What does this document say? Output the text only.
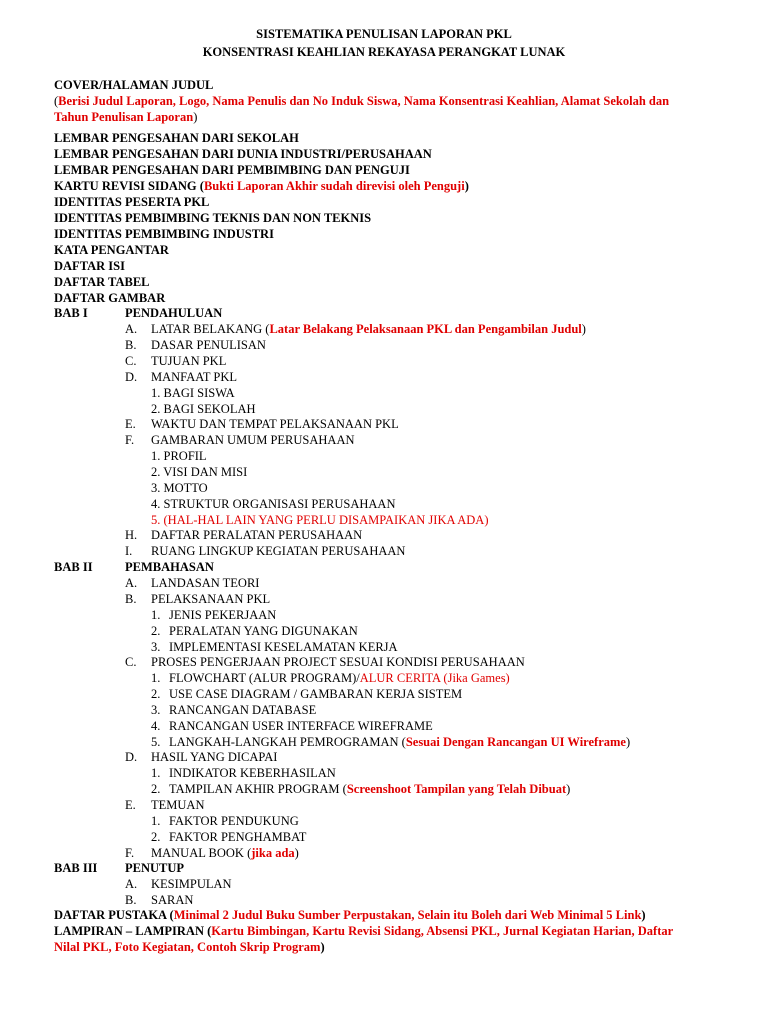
SISTEMATIKA PENULISAN LAPORAN PKL
KONSENTRASI KEAHLIAN REKAYASA PERANGKAT LUNAK
COVER/HALAMAN JUDUL
(Berisi Judul Laporan, Logo, Nama Penulis dan No Induk Siswa, Nama Konsentrasi Keahlian, Alamat Sekolah dan
Tahun Penulisan Laporan)
LEMBAR PENGESAHAN DARI SEKOLAH
LEMBAR PENGESAHAN DARI DUNIA INDUSTRI/PERUSAHAAN
LEMBAR PENGESAHAN DARI PEMBIMBING DAN PENGUJI
KARTU REVISI SIDANG (Bukti Laporan Akhir sudah direvisi oleh Penguji)
IDENTITAS PESERTA PKL
IDENTITAS PEMBIMBING TEKNIS DAN NON TEKNIS
IDENTITAS PEMBIMBING INDUSTRI
KATA PENGANTAR
DAFTAR ISI
DAFTAR TABEL
DAFTAR GAMBAR
BAB I	PENDAHULUAN
A. LATAR BELAKANG (Latar Belakang Pelaksanaan PKL dan Pengambilan Judul)
B. DASAR PENULISAN
C. TUJUAN PKL
D. MANFAAT PKL
1. BAGI SISWA
2. BAGI SEKOLAH
E. WAKTU DAN TEMPAT PELAKSANAAN PKL
F. GAMBARAN UMUM PERUSAHAAN
1. PROFIL
2. VISI DAN MISI
3. MOTTO
4. STRUKTUR ORGANISASI PERUSAHAAN
5. (HAL-HAL LAIN YANG PERLU DISAMPAIKAN JIKA ADA)
H. DAFTAR PERALATAN PERUSAHAAN
I. RUANG LINGKUP KEGIATAN PERUSAHAAN
BAB II	PEMBAHASAN
A. LANDASAN TEORI
B. PELAKSANAAN PKL
1. JENIS PEKERJAAN
2. PERALATAN YANG DIGUNAKAN
3. IMPLEMENTASI KESELAMATAN KERJA
C. PROSES PENGERJAAN PROJECT SESUAI KONDISI PERUSAHAAN
1. FLOWCHART (ALUR PROGRAM)/ALUR CERITA (Jika Games)
2. USE CASE DIAGRAM / GAMBARAN KERJA SISTEM
3. RANCANGAN DATABASE
4. RANCANGAN USER INTERFACE WIREFRAME
5. LANGKAH-LANGKAH PEMROGRAMAN (Sesuai Dengan Rancangan UI Wireframe)
D. HASIL YANG DICAPAI
1. INDIKATOR KEBERHASILAN
2. TAMPILAN AKHIR PROGRAM (Screenshoot Tampilan yang Telah Dibuat)
E. TEMUAN
1. FAKTOR PENDUKUNG
2. FAKTOR PENGHAMBAT
F. MANUAL BOOK (jika ada)
BAB III PENUTUP
A. KESIMPULAN
B. SARAN
DAFTAR PUSTAKA (Minimal 2 Judul Buku Sumber Perpustakan, Selain itu Boleh dari Web Minimal 5 Link)
LAMPIRAN – LAMPIRAN (Kartu Bimbingan, Kartu Revisi Sidang, Absensi PKL, Jurnal Kegiatan Harian, Daftar
Nilal PKL, Foto Kegiatan, Contoh Skrip Program)
